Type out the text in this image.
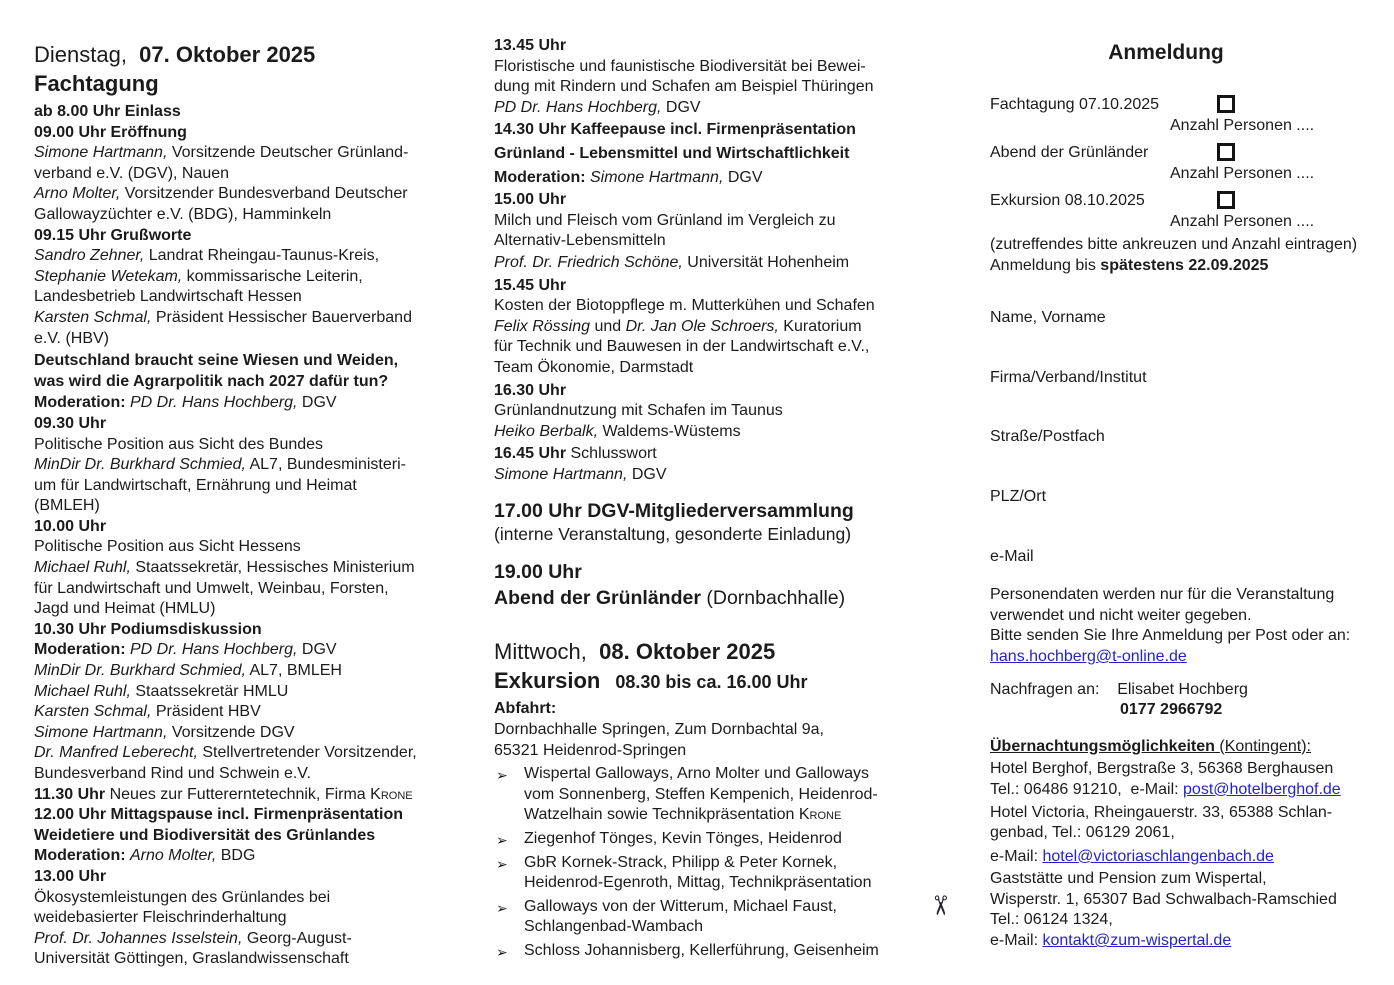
Dienstag,  07. Oktober 2025
Fachtagung
ab 8.00 Uhr Einlass
09.00 Uhr Eröffnung
Simone Hartmann, Vorsitzende Deutscher Grünland-
verband e.V. (DGV), Nauen
Arno Molter, Vorsitzender Bundesverband Deutscher
Gallowayzüchter e.V. (BDG), Hamminkeln
09.15 Uhr Grußworte
Sandro Zehner, Landrat Rheingau-Taunus-Kreis,
Stephanie Wetekam, kommissarische Leiterin,
Landesbetrieb Landwirtschaft Hessen
Karsten Schmal, Präsident Hessischer Bauerverband
e.V. (HBV)
Deutschland braucht seine Wiesen und Weiden,
was wird die Agrarpolitik nach 2027 dafür tun?
Moderation: PD Dr. Hans Hochberg, DGV
09.30 Uhr
Politische Position aus Sicht des Bundes
MinDir Dr. Burkhard Schmied, AL7, Bundesministeri-
um für Landwirtschaft, Ernährung und Heimat
(BMLEH)
10.00 Uhr
Politische Position aus Sicht Hessens
Michael Ruhl, Staatssekretär, Hessisches Ministerium
für Landwirtschaft und Umwelt, Weinbau, Forsten,
Jagd und Heimat (HMLU)
10.30 Uhr Podiumsdiskussion
Moderation: PD Dr. Hans Hochberg, DGV
MinDir Dr. Burkhard Schmied, AL7, BMLEH
Michael Ruhl, Staatssekretär HMLU
Karsten Schmal, Präsident HBV
Simone Hartmann, Vorsitzende DGV
Dr. Manfred Leberecht, Stellvertretender Vorsitzender,
Bundesverband Rind und Schwein e.V.
11.30 Uhr Neues zur Futtererntetechnik, Firma Krone
12.00 Uhr Mittagspause incl. Firmenpräsentation
Weidetiere und Biodiversität des Grünlandes
Moderation: Arno Molter, BDG
13.00 Uhr
Ökosystemleistungen des Grünlandes bei
weidebasierter Fleischrinderhaltung
Prof. Dr. Johannes Isselstein, Georg-August-
Universität Göttingen, Graslandwissenschaft
13.45 Uhr
Floristische und faunistische Biodiversität bei Bewei-
dung mit Rindern und Schafen am Beispiel Thüringen
PD Dr. Hans Hochberg, DGV
14.30 Uhr Kaffeepause incl. Firmenpräsentation
Grünland - Lebensmittel und Wirtschaftlichkeit
Moderation: Simone Hartmann, DGV
15.00 Uhr
Milch und Fleisch vom Grünland im Vergleich zu
Alternativ-Lebensmitteln
Prof. Dr. Friedrich Schöne, Universität Hohenheim
15.45 Uhr
Kosten der Biotoppflege m. Mutterkühen und Schafen
Felix Rössing und Dr. Jan Ole Schroers, Kuratorium
für Technik und Bauwesen in der Landwirtschaft e.V.,
Team Ökonomie, Darmstadt
16.30 Uhr
Grünlandnutzung mit Schafen im Taunus
Heiko Berbalk, Waldems-Wüstems
16.45 Uhr Schlusswort
Simone Hartmann, DGV
17.00 Uhr DGV-Mitgliederversammlung
(interne Veranstaltung, gesonderte Einladung)
19.00 Uhr
Abend der Grünländer (Dornbachhalle)
Mittwoch,  08. Oktober 2025
Exkursion   08.30 bis ca. 16.00 Uhr
Abfahrt:
Dornbachhalle Springen, Zum Dornbachtal 9a,
65321 Heidenrod-Springen
Wispertal Galloways, Arno Molter und Galloways
➢
vom Sonnenberg, Steffen Kempenich, Heidenrod-
Watzelhain sowie Technikpräsentation Krone
Ziegenhof Tönges, Kevin Tönges, Heidenrod
➢
GbR Kornek-Strack, Philipp & Peter Kornek,
➢
Heidenrod-Egenroth, Mittag, Technikpräsentation
Galloways von der Witterum, Michael Faust,
➢
Schlangenbad-Wambach
Schloss Johannisberg, Kellerführung, Geisenheim
➢
Anmeldung
Fachtagung 07.10.2025
Anzahl Personen ....
Abend der Grünländer
Anzahl Personen ....
Exkursion 08.10.2025
Anzahl Personen ....
(zutreffendes bitte ankreuzen und Anzahl eintragen)
Anmeldung bis spätestens 22.09.2025
Name, Vorname
Firma/Verband/Institut
Straße/Postfach
PLZ/Ort
e-Mail
Personendaten werden nur für die Veranstaltung
verwendet und nicht weiter gegeben.
Bitte senden Sie Ihre Anmeldung per Post oder an:
hans.hochberg@t-online.de
Nachfragen an:    Elisabet Hochberg
0177 2966792
Übernachtungsmöglichkeiten (Kontingent):
Hotel Berghof, Bergstraße 3, 56368 Berghausen
Tel.: 06486 91210,  e-Mail: post@hotelberghof.de
Hotel Victoria, Rheingauerstr. 33, 65388 Schlan-
genbad, Tel.: 06129 2061,
e-Mail: hotel@victoriaschlangenbach.de
Gaststätte und Pension zum Wispertal,
Wisperstr. 1, 65307 Bad Schwalbach-Ramschied
Tel.: 06124 1324,
e-Mail: kontakt@zum-wispertal.de
✂
